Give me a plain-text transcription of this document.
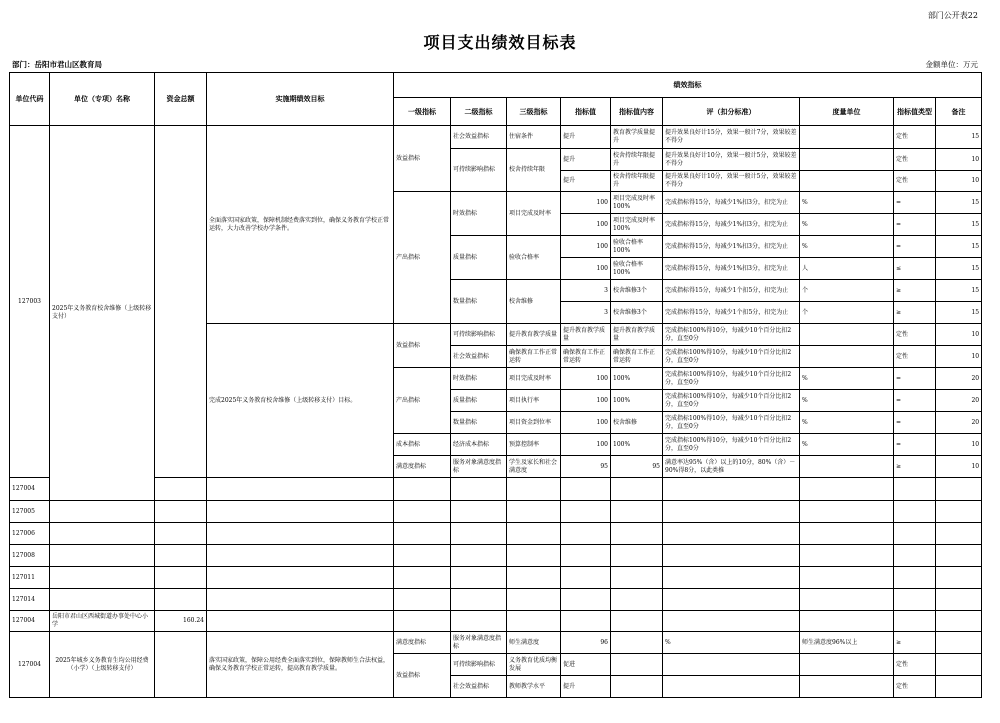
部门公开表22
项目支出绩效目标表
部门：岳阳市君山区教育局	金额单位：万元
单位代码	单位（专项）名称	资金总额	实施期绩效目标	绩效指标								
				一级指标	二级指标	三级指标	指标值	指标值内容	评（扣分标准）	度量单位	指标值类型	备注
127003	2025年义务教育校舍维修（上级转移支付）		全面落实国家政策，保障机制经费落实到位，确保义务教育学校正常运转，大力改善学校办学条件。	效益指标	社会效益指标	住宿条件	提升	教育教学质量提升	提升效果良好计15分，效果一般计7分，效果较差不得分		定性	15
					可持续影响指标	校舍持续年限	提升	校舍持续年限提升	提升效果良好计10分，效果一般计5分，效果较差不得分		定性	10
							提升	校舍持续年限提升	提升效果良好计10分，效果一般计5分，效果较差不得分		定性	10
				产出指标	时效指标	项目完成及时率	100	项目完成及时率100%	完成指标得15分，每减少1%扣3分，扣完为止	%	=	15
							100	项目完成及时率100%	完成指标得15分，每减少1%扣3分，扣完为止	%	=	15
					质量指标	验收合格率	100	验收合格率100%	完成指标得15分，每减少1%扣3分，扣完为止	%	=	15
							100	验收合格率100%	完成指标得15分，每减少1%扣3分，扣完为止	人	≤	15
					数量指标	校舍维修	3	校舍维修3个	完成指标得15分，每减少1个扣5分，扣完为止	个	≥	15
							3	校舍维修3个	完成指标得15分，每减少1个扣5分，扣完为止	个	≥	15
			完成2025年义务教育校舍维修（上级转移支付）目标。	效益指标	可持续影响指标	提升教育教学质量	提升教育教学质量	提升教育教学质量	完成指标100%得10分，每减少10个百分比扣2分，直至0分		定性	10
					社会效益指标	确保教育工作正常运转	确保教育工作正常运转	确保教育工作正常运转	完成指标100%得10分，每减少10个百分比扣2分，直至0分		定性	10
				产出指标	时效指标	项目完成及时率	100	100%	完成指标100%得10分，每减少10个百分比扣2分，直至0分	%	=	20
					质量指标	项目执行率	100	100%	完成指标100%得10分，每减少10个百分比扣2分，直至0分	%	=	20
					数量指标	项目资金到位率	100	校舍维修	完成指标100%得10分，每减少10个百分比扣2分，直至0分	%	=	20
				成本指标	经济成本指标	预算控制率	100	100%	完成指标100%得10分，每减少10个百分比扣2分，直至0分	%	=	10
				满意度指标	服务对象满意度指标	学生及家长和社会满意度	95	95	满意率达95%（含）以上的10分，80%（含）－90%得8分，以此类推		≥	10
127004												
127005												
127006												
127008												
127011												
127014												
127004	岳阳市君山区西城街道办事处中心小学	160.24										
127004	2025年城乡义务教育生均公用经费（小学）（上级转移支付）		落实国家政策，保障公用经费全面落实到位，保障教师生合法权益，确保义务教育学校正常运转，提高教育教学质量。	满意度指标	服务对象满意度指标	师生满意度	96		%	师生满意度96%以上	≥	
				效益指标	可持续影响指标	义务教育优质均衡发展	促进				定性	
					社会效益指标	教师教学水平	提升				定性	
